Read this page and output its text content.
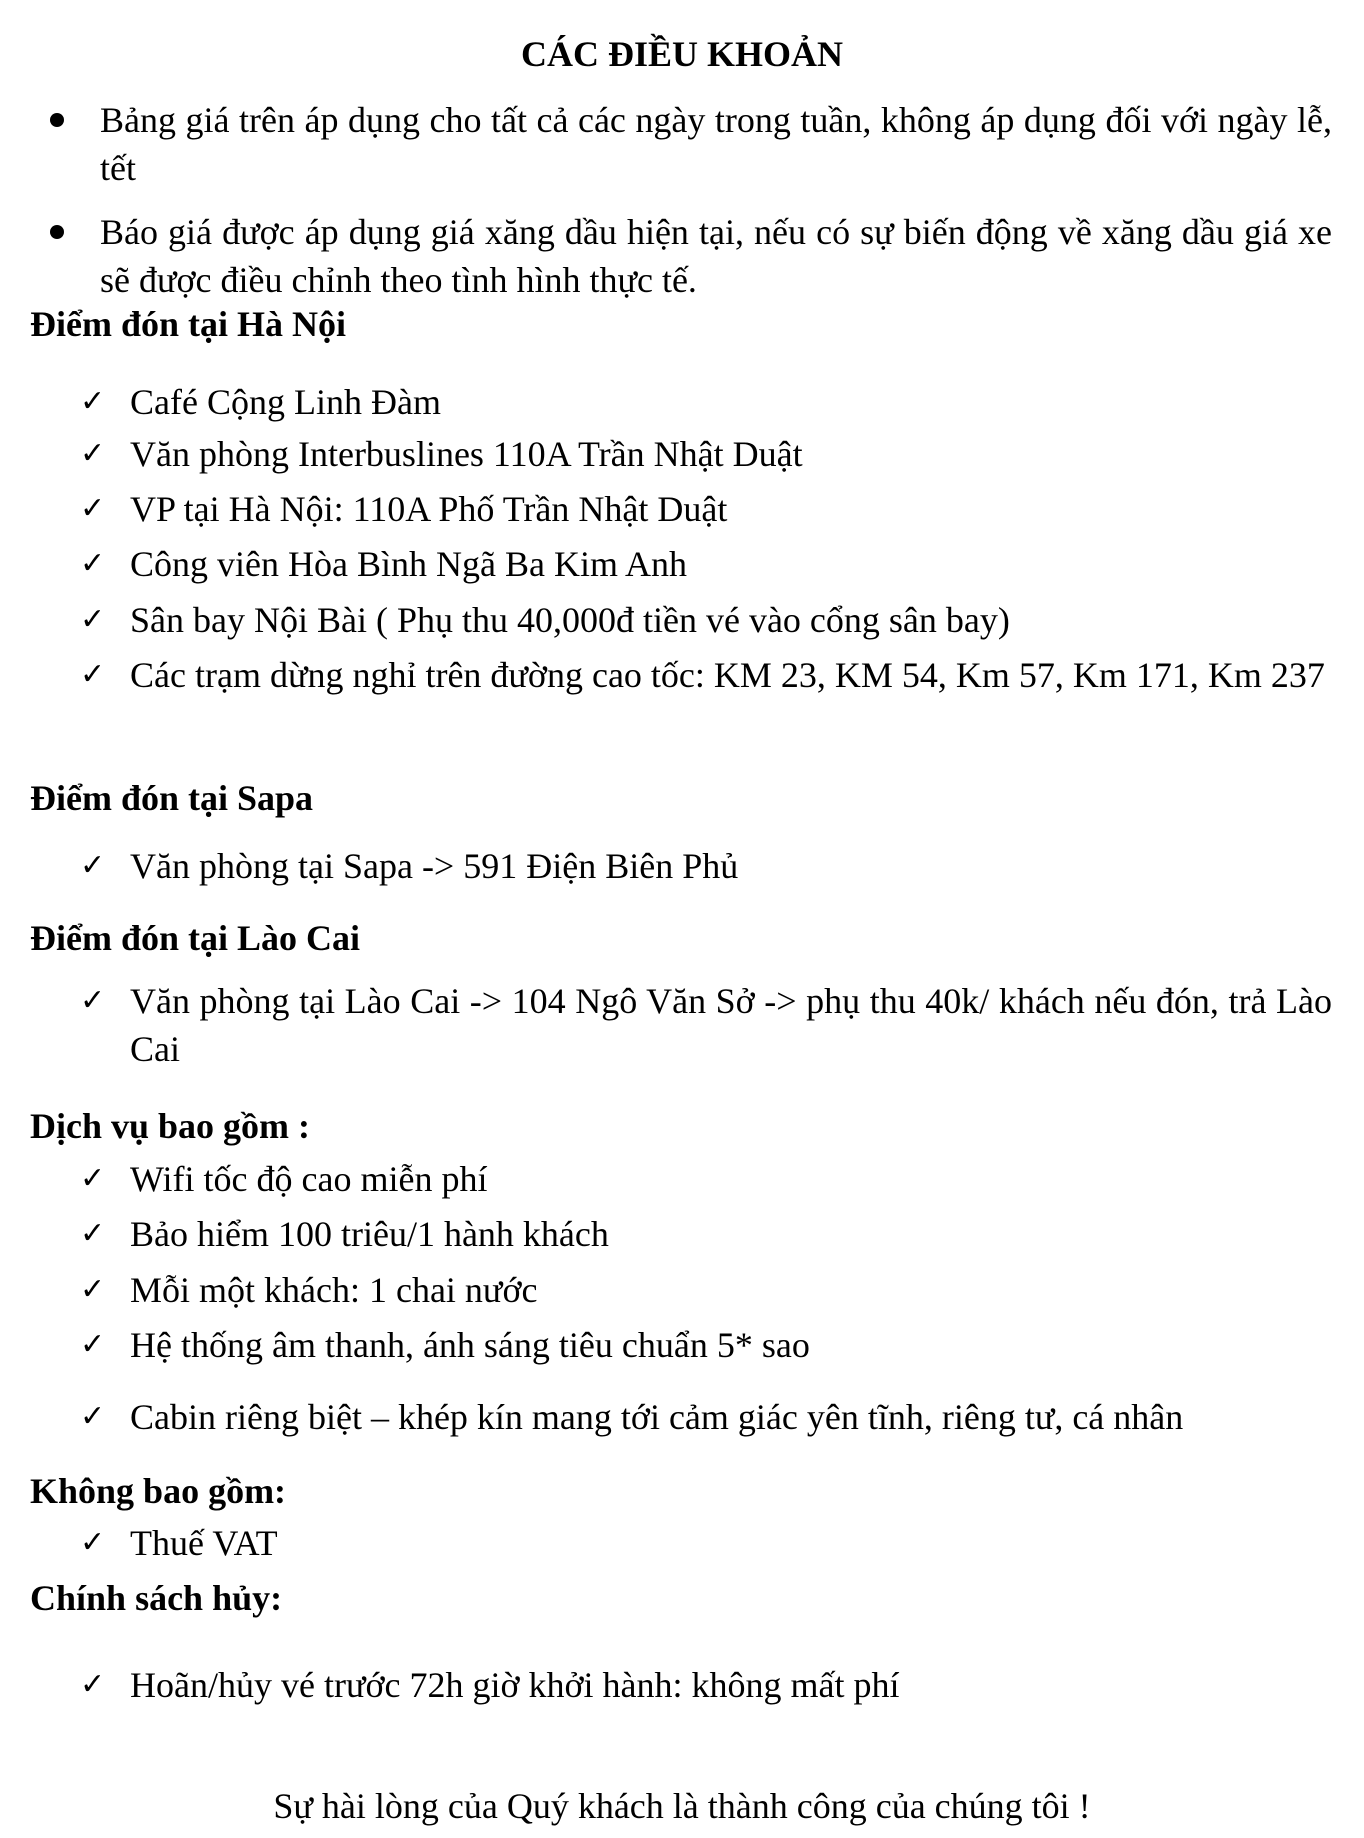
CÁC ĐIỀU KHOẢN
Bảng giá trên áp dụng cho tất cả các ngày trong tuần, không áp dụng đối với ngày lễ, tết
Báo giá được áp dụng giá xăng dầu hiện tại, nếu có sự biến động về xăng dầu giá xe sẽ được điều chỉnh theo tình hình thực tế.
Điểm đón tại Hà Nội
✓ Café Cộng Linh Đàm
✓ Văn phòng Interbuslines 110A Trần Nhật Duật
✓ VP tại Hà Nội: 110A Phố Trần Nhật Duật
✓ Công viên Hòa Bình Ngã Ba Kim Anh
✓ Sân bay Nội Bài ( Phụ thu 40,000đ tiền vé vào cổng sân bay)
✓ Các trạm dừng nghỉ trên đường cao tốc: KM 23, KM 54, Km 57, Km 171, Km 237
Điểm đón tại Sapa
✓ Văn phòng tại Sapa -> 591 Điện Biên Phủ
Điểm đón tại Lào Cai
✓ Văn phòng tại Lào Cai -> 104 Ngô Văn Sở -> phụ thu 40k/ khách nếu đón, trả Lào Cai
Dịch vụ bao gồm :
✓ Wifi tốc độ cao miễn phí
✓ Bảo hiểm 100 triêu/1 hành khách
✓ Mỗi một khách: 1 chai nước
✓ Hệ thống âm thanh, ánh sáng tiêu chuẩn 5* sao
✓ Cabin riêng biệt – khép kín mang tới cảm giác yên tĩnh, riêng tư, cá nhân
Không bao gồm:
✓ Thuế VAT
Chính sách hủy:
✓ Hoãn/hủy vé trước 72h giờ khởi hành: không mất phí
Sự hài lòng của Quý khách là thành công của chúng tôi !
